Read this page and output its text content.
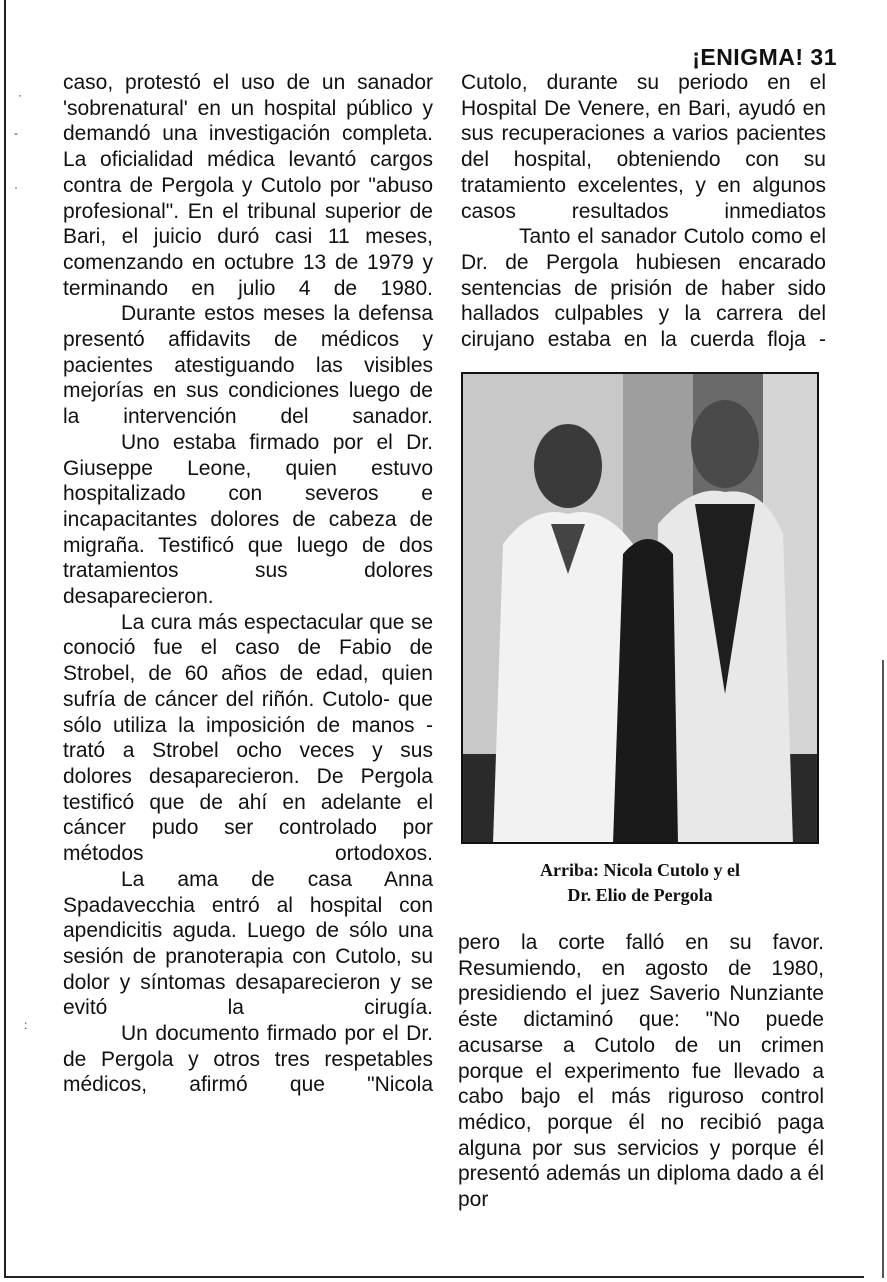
¡ENIGMA! 31

caso, protestó el uso de un sanador 'sobrenatural' en un hospital público y demandó una investigación completa. La oficialidad médica levantó cargos contra de Pergola y Cutolo por "abuso profesional". En el tribunal superior de Bari, el juicio duró casi 11 meses, comenzando en octubre 13 de 1979 y terminando en julio 4 de 1980.

Durante estos meses la defensa presentó affidavits de médicos y pacientes atestiguando las visibles mejorías en sus condiciones luego de la intervención del sanador.

Uno estaba firmado por el Dr. Giuseppe Leone, quien estuvo hospitalizado con severos e incapacitantes dolores de cabeza de migraña. Testificó que luego de dos tratamientos sus dolores desaparecieron.

La cura más espectacular que se conoció fue el caso de Fabio de Strobel, de 60 años de edad, quien sufría de cáncer del riñón. Cutolo- que sólo utiliza la imposición de manos - trató a Strobel ocho veces y sus dolores desaparecieron. De Pergola testificó que de ahí en adelante el cáncer pudo ser controlado por métodos ortodoxos.

La ama de casa Anna Spadavecchia entró al hospital con apendicitis aguda. Luego de sólo una sesión de pranoterapia con Cutolo, su dolor y síntomas desaparecieron y se evitó la cirugía.

Un documento firmado por el Dr. de Pergola y otros tres respetables médicos, afirmó que "Nicola

Cutolo, durante su periodo en el Hospital De Venere, en Bari, ayudó en sus recuperaciones a varios pacientes del hospital, obteniendo con su tratamiento excelentes, y en algunos casos resultados inmediatos

Tanto el sanador Cutolo como el Dr. de Pergola hubiesen encarado sentencias de prisión de haber sido hallados culpables y la carrera del cirujano estaba en la cuerda floja -

Arriba: Nicola Cutolo y el
Dr. Elio de Pergola

pero la corte falló en su favor. Resumiendo, en agosto de 1980, presidiendo el juez Saverio Nunziante éste dictaminó que: "No puede acusarse a Cutolo de un crimen porque el experimento fue llevado a cabo bajo el más riguroso control médico, porque él no recibió paga alguna por sus servicios y porque él presentó además un diploma dado a él por

·
-
·
:
